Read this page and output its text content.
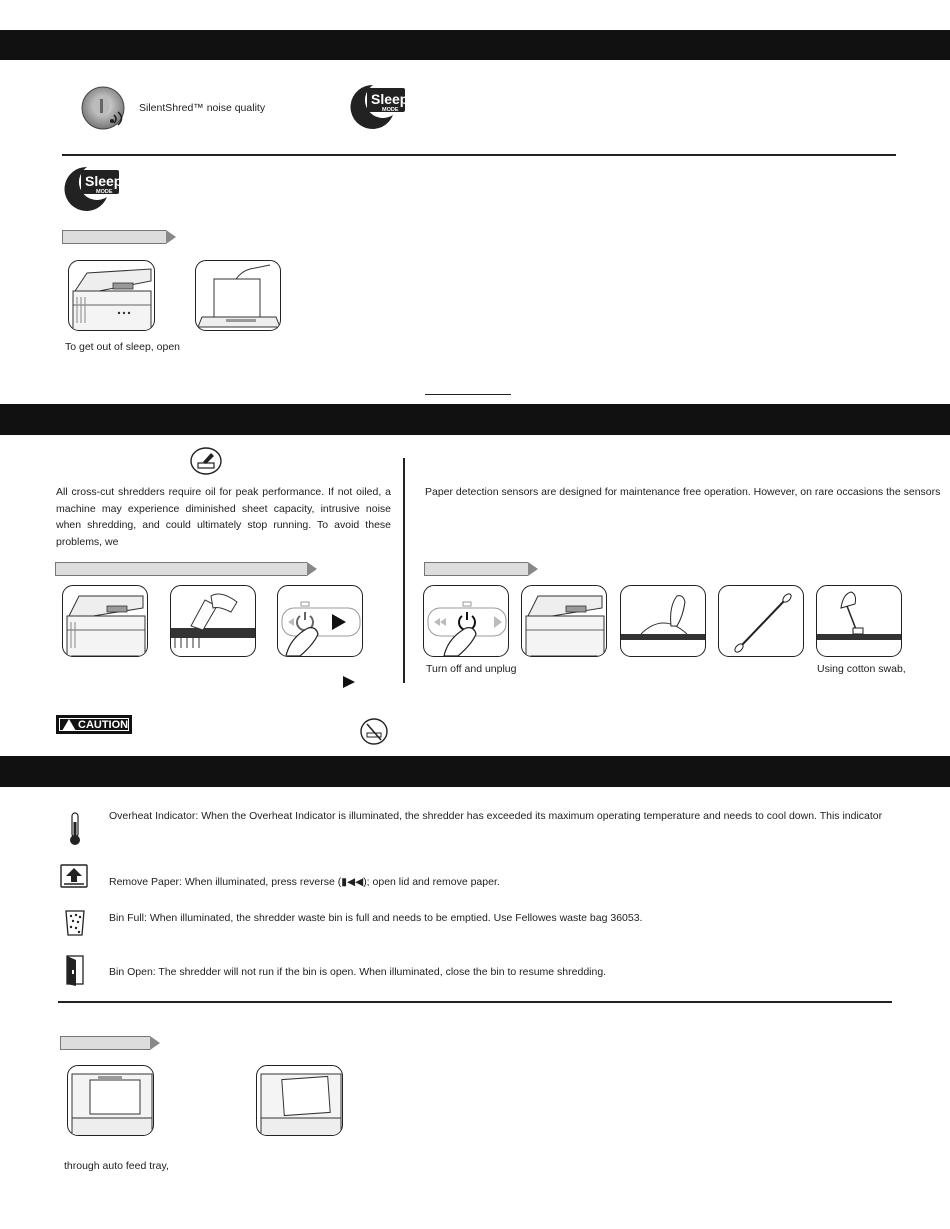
SilentShred™ noise quality
Sleep
MODE
Sleep
MODE
To get out of sleep, open

All cross-cut shredders require oil for peak performance. If not oiled, a machine may experience diminished sheet capacity, intrusive noise when shredding, and could ultimately stop running. To avoid these problems, we

Paper detection sensors are designed for maintenance free operation. However, on rare occasions the sensors

Turn off and unplug	Using cotton swab,
CAUTION
Overheat Indicator: When the Overheat Indicator is illuminated, the shredder has exceeded its maximum operating temperature and needs to cool down. This indicator
Remove Paper: When illuminated, press reverse (▮◀◀); open lid and remove paper.
Bin Full: When illuminated, the shredder waste bin is full and needs to be emptied. Use Fellowes waste bag 36053.
Bin Open: The shredder will not run if the bin is open. When illuminated, close the bin to resume shredding.
through auto feed tray,
